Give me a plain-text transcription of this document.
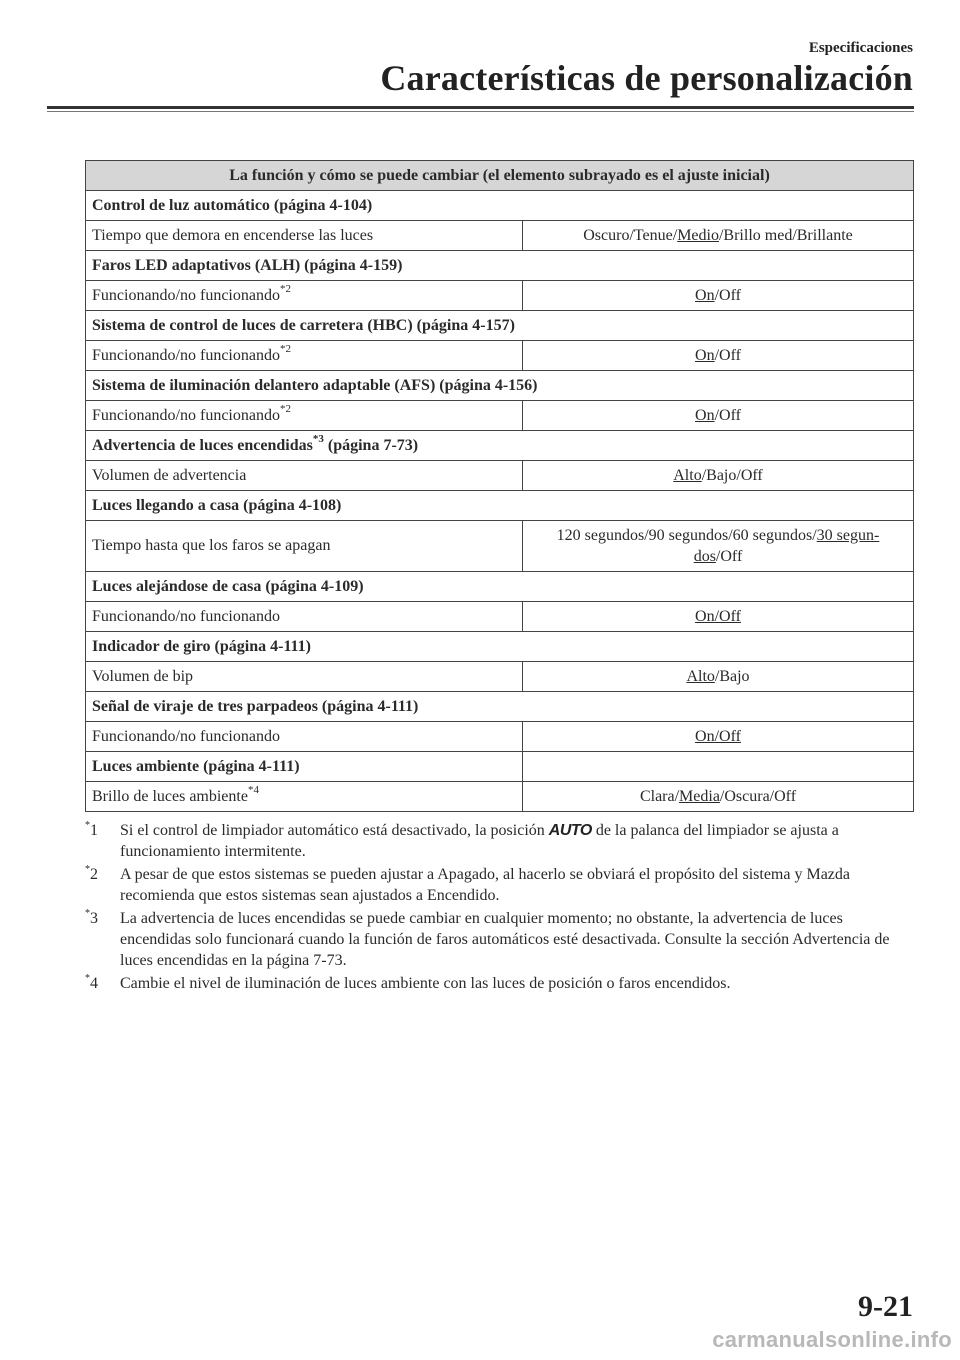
Especificaciones
Características de personalización
La función y cómo se puede cambiar (el elemento subrayado es el ajuste inicial)	
Control de luz automático (página 4-104)	
Tiempo que demora en encenderse las luces	Oscuro/Tenue/Medio/Brillo med/Brillante
Faros LED adaptativos (ALH) (página 4-159)	
Funcionando/no funcionando$^{*2}$	On/Off
Sistema de control de luces de carretera (HBC) (página 4-157)	
Funcionando/no funcionando$^{*2}$	On/Off
Sistema de iluminación delantero adaptable (AFS) (página 4-156)	
Funcionando/no funcionando$^{*2}$	On/Off
Advertencia de luces encendidas$^{*3}$ (página 7-73)	
Volumen de advertencia	Alto/Bajo/Off
Luces llegando a casa (página 4-108)	
Tiempo hasta que los faros se apagan	120 segundos/90 segundos/60 segundos/30 segun-
dos/Off
Luces alejándose de casa (página 4-109)	
Funcionando/no funcionando	On/Off
Indicador de giro (página 4-111)	
Volumen de bip	Alto/Bajo
Señal de viraje de tres parpadeos (página 4-111)	
Funcionando/no funcionando	On/Off
Luces ambiente (página 4-111)	
Brillo de luces ambiente$^{*4}$	Clara/Media/Oscura/Off
*1 Si el control de limpiador automático está desactivado, la posición AUTO de la palanca del limpiador se ajusta a funcionamiento intermitente.
*2 A pesar de que estos sistemas se pueden ajustar a Apagado, al hacerlo se obviará el propósito del sistema y Mazda recomienda que estos sistemas sean ajustados a Encendido.
*3 La advertencia de luces encendidas se puede cambiar en cualquier momento; no obstante, la advertencia de luces encendidas solo funcionará cuando la función de faros automáticos esté desactivada. Consulte la sección Advertencia de luces encendidas en la página 7-73.
*4 Cambie el nivel de iluminación de luces ambiente con las luces de posición o faros encendidos.
9-21
carmanualsonline.info
